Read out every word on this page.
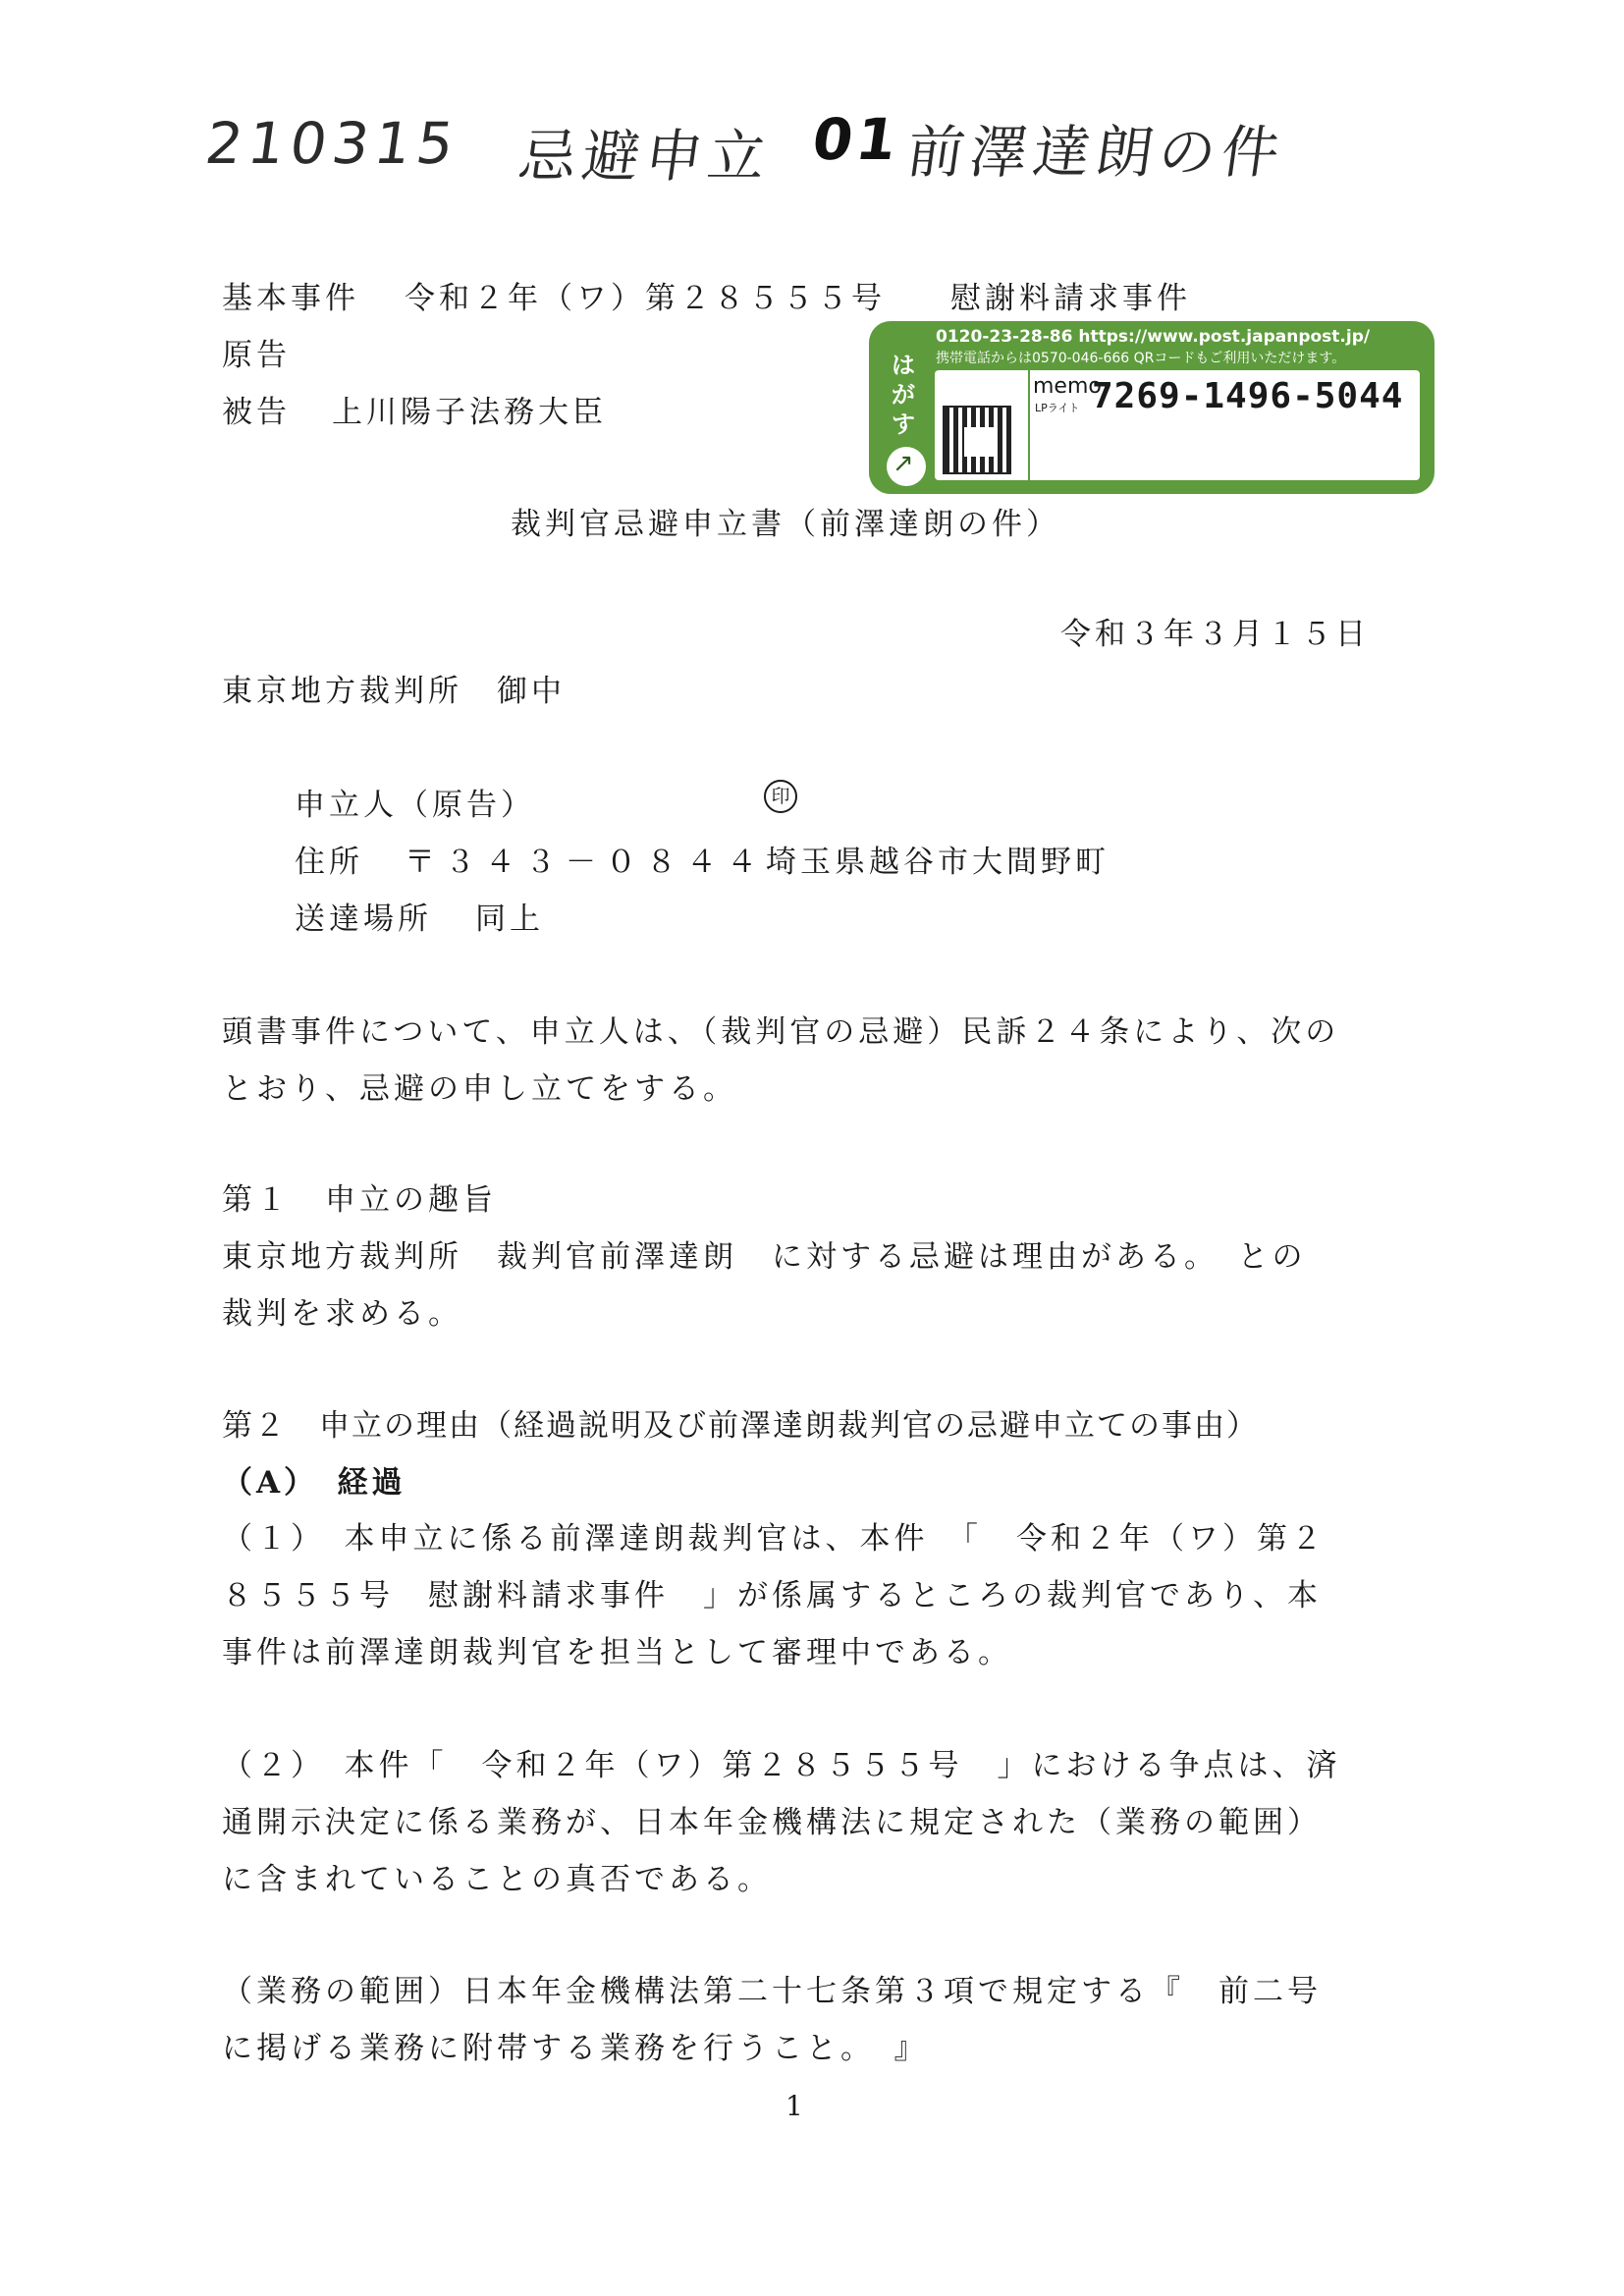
210315 忌避申立 01
前澤達朗の件
基本事件 令和２年（ワ）第２８５５５号 慰謝料請求事件
原告
被告 上川陽子法務大臣
はがす
↗
0120-23-28-86 https://www.post.japanpost.jp/
携帯電話からは0570-046-666 QRコードもご利用いただけます。
memo
LPライト 7269-1496-5044
裁判官忌避申立書（前澤達朗の件）
令和３年３月１５日
東京地方裁判所　御中
申立人（原告）	印
住所 〒３４３－０８４４ 埼玉県越谷市大間野町
送達場所 同上
頭書事件について、申立人は、（裁判官の忌避）民訴２４条により、次の
とおり、忌避の申し立てをする。
第１　申立の趣旨
東京地方裁判所　裁判官前澤達朗　に対する忌避は理由がある。　との
裁判を求める。
第２　申立の理由（経過説明及び前澤達朗裁判官の忌避申立ての事由）
（A）　経過
（１）　本申立に係る前澤達朗裁判官は、本件　「　令和２年（ワ）第２
８５５５号　慰謝料請求事件　」が係属するところの裁判官であり、本
事件は前澤達朗裁判官を担当として審理中である。
（２）　本件「　令和２年（ワ）第２８５５５号　」における争点は、済
通開示決定に係る業務が、日本年金機構法に規定された（業務の範囲）
に含まれていることの真否である。
（業務の範囲）日本年金機構法第二十七条第３項で規定する『　前二号
に掲げる業務に附帯する業務を行うこと。　』
1
